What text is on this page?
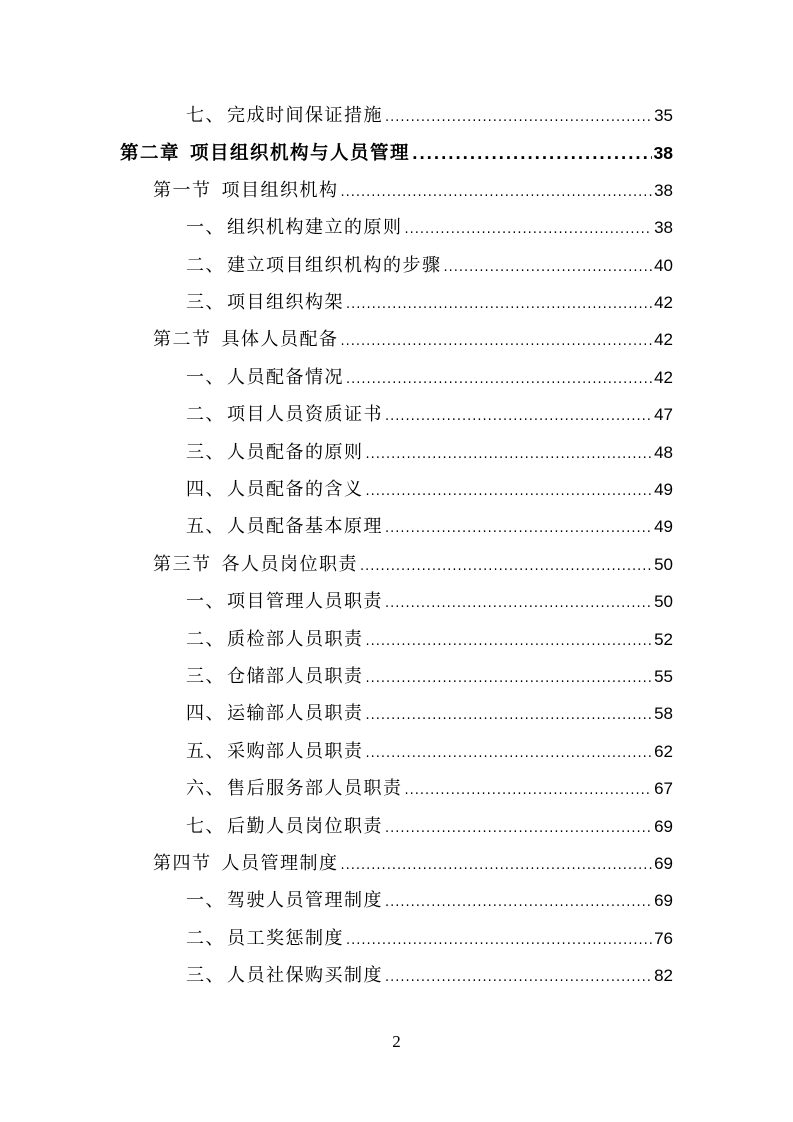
七、 完成时间保证措施 .....	35
第二章 项目组织机构与人员管理 .....	38
第一节 项目组织机构 .....	38
一、 组织机构建立的原则 .....	38
二、 建立项目组织机构的步骤 .....	40
三、 项目组织构架 .....	42
第二节 具体人员配备 .....	42
一、 人员配备情况 .....	42
二、 项目人员资质证书 .....	47
三、 人员配备的原则 .....	48
四、 人员配备的含义 .....	49
五、 人员配备基本原理 .....	49
第三节 各人员岗位职责 .....	50
一、 项目管理人员职责 .....	50
二、 质检部人员职责 .....	52
三、 仓储部人员职责 .....	55
四、 运输部人员职责 .....	58
五、 采购部人员职责 .....	62
六、 售后服务部人员职责 .....	67
七、 后勤人员岗位职责 .....	69
第四节 人员管理制度 .....	69
一、 驾驶人员管理制度 .....	69
二、 员工奖惩制度 .....	76
三、 人员社保购买制度 .....	82
2
